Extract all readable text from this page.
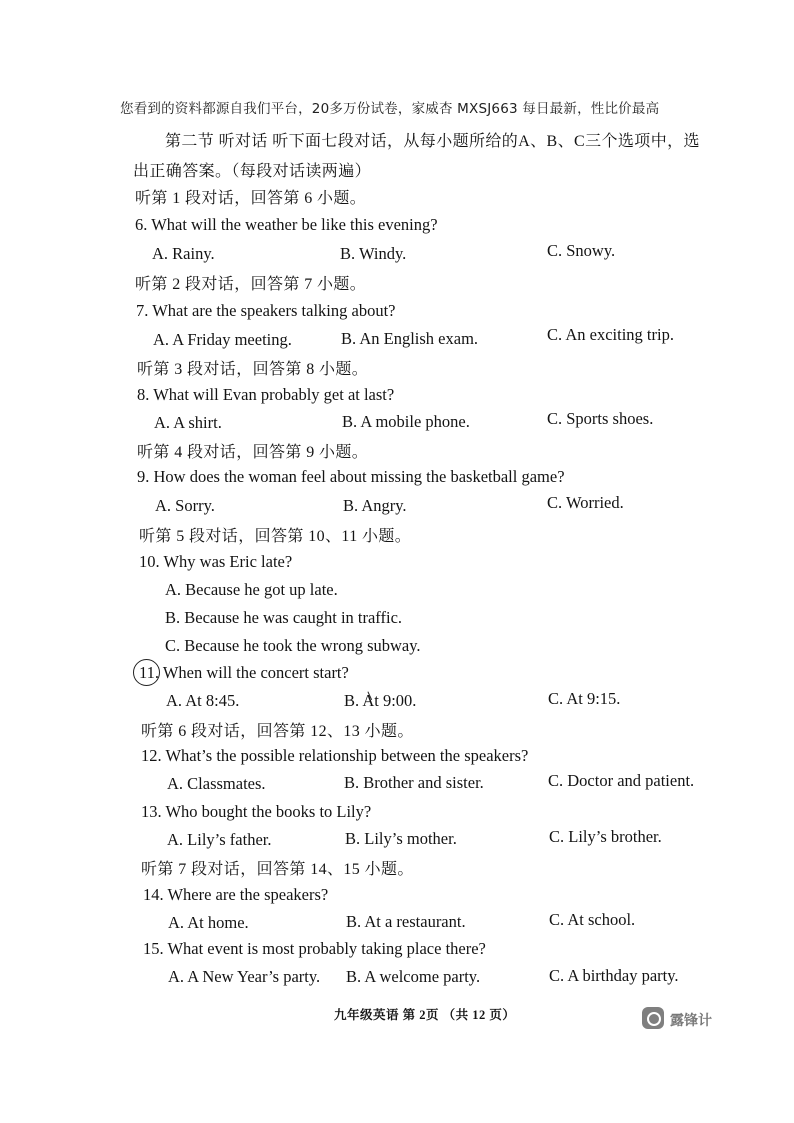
您看到的资料都源自我们平台，20多万份试卷，家威杏 MXSJ663 每日最新，性比价最高
第二节 听对话 听下面七段对话，从每小题所给的A、B、C三个选项中，选
出正确答案。（每段对话读两遍）
听第 1 段对话，回答第 6 小题。
6. What will the weather be like this evening?
A. Rainy.	B. Windy.	C. Snowy.
听第 2 段对话，回答第 7 小题。
7. What are the speakers talking about?
A. A Friday meeting.	B. An English exam.	C. An exciting trip.
听第 3 段对话，回答第 8 小题。
8. What will Evan probably get at last?
A. A shirt.	B. A mobile phone.	C. Sports shoes.
听第 4 段对话，回答第 9 小题。
9. How does the woman feel about missing the basketball game?
A. Sorry.	B. Angry.	C. Worried.
听第 5 段对话，回答第 10、11 小题。
10. Why was Eric late?
A. Because he got up late.
B. Because he was caught in traffic.
C. Because he took the wrong subway.
11. When will the concert start?
A. At 8:45.	B. At 9:00.	C. At 9:15.
听第 6 段对话，回答第 12、13 小题。
12. What’s the possible relationship between the speakers?
A. Classmates.	B. Brother and sister.	C. Doctor and patient.
13. Who bought the books to Lily?
A. Lily’s father.	B. Lily’s mother.	C. Lily’s brother.
听第 7 段对话，回答第 14、15 小题。
14. Where are the speakers?
A. At home.	B. At a restaurant.	C. At school.
15. What event is most probably taking place there?
A. A New Year’s party. B. A welcome party.	C. A birthday party.
九年级英语 第 2页 （共 12 页）	露锋计
